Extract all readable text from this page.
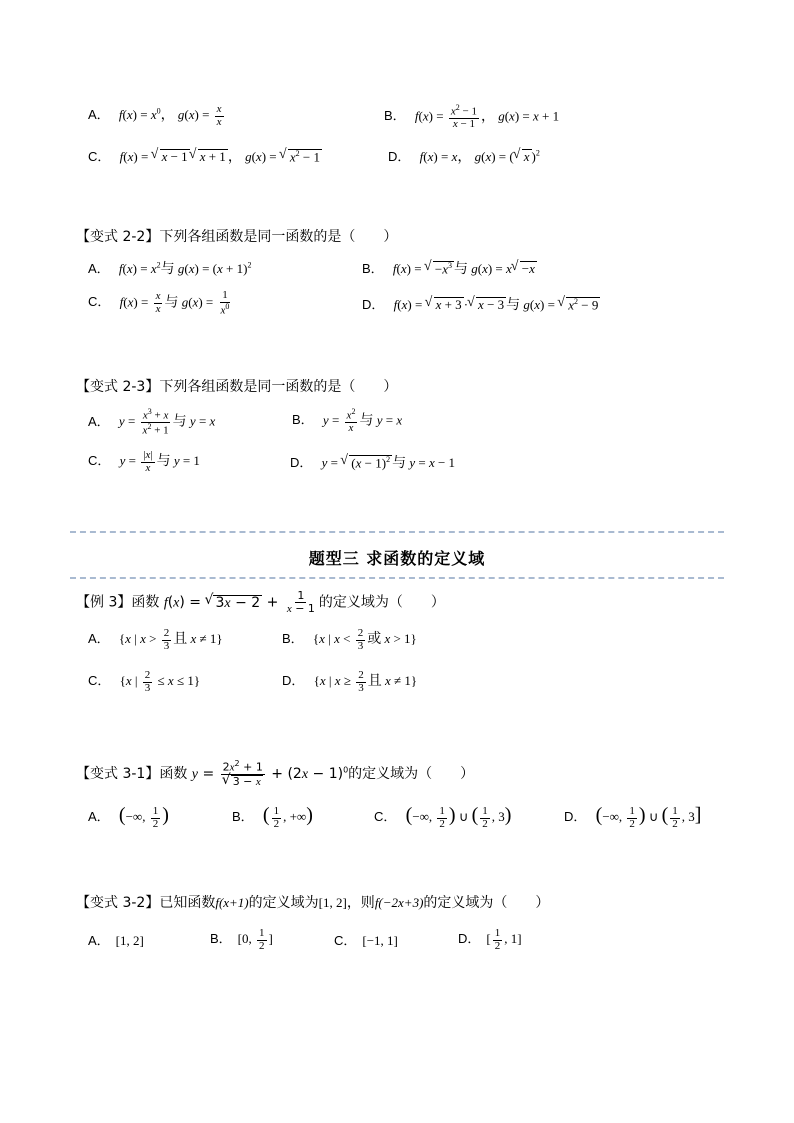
A． $f(x) = x^0$， $g(x) = \frac{x}{x}$	B． $f(x) = \frac{x^2 - 1}{x - 1}$ ， g(x) = x + 1
C． f(x) = √ x − 1 √ x + 1 ， g(x) = √ $x^2 - 1$	D． f(x) = x， g(x) = ( √ x )$^2$
【变式 2-2】下列各组函数是同一函数的是（　　）
A． $f(x) = x^2$与 $g(x) = (x + 1)^2$	B． f(x) = √ $-x^3$ 与 g(x) = x √ −x
C． $f(x) = \frac{x}{x}$ 与 $g(x) = \frac{1}{x^0}$	D． f(x) = √ x + 3 · √ x − 3 与 g(x) = √ $x^2 - 9$
【变式 2-3】下列各组函数是同一函数的是（　　）
A． $y = \frac{x^3 + x}{x^2 + 1}$ 与 y = x	B． $y = \frac{x^2}{x}$ 与 y = x
C． $y = \frac{|x|}{x}$ 与 y = 1	D． y = √ $(x - 1)^2$ 与 y = x − 1
题型三 求函数的定义域
【例 3】函数 f(x) = √ $3x - 2 + \frac{1}{x - 1}$ 的定义域为（　　）
A． {x | $x > \frac{2}{3}$ 且 x ≠ 1}	B． {x | $x < \frac{2}{3}$ 或 x > 1}
C． {x | $\frac{2}{3} \le x \le 1$}	D． {x | $x \ge \frac{2}{3}$ 且 x ≠ 1}
【变式 3-1】函数 $y = 2x^2 + 1$
√ $3 - x + (2x - 1)^0$的定义域为（　　）
A． (−∞, $\frac{1}{2}$ )	B． ( $\frac{1}{2}$ , +∞)	C． (−∞, $\frac{1}{2}$ ) ∪ ( $\frac{1}{2}$ , 3)	D． (−∞, $\frac{1}{2}$ ) ∪ ( $\frac{1}{2}$ , 3]
【变式 3-2】已知函数f(x+1)的定义域为[1, 2]，则f(−2x+3)的定义域为（　　）
A． [1, 2]	B． [0, $\frac{1}{2}$ ]	C． [−1, 1]	D． [ $\frac{1}{2}$ , 1]
